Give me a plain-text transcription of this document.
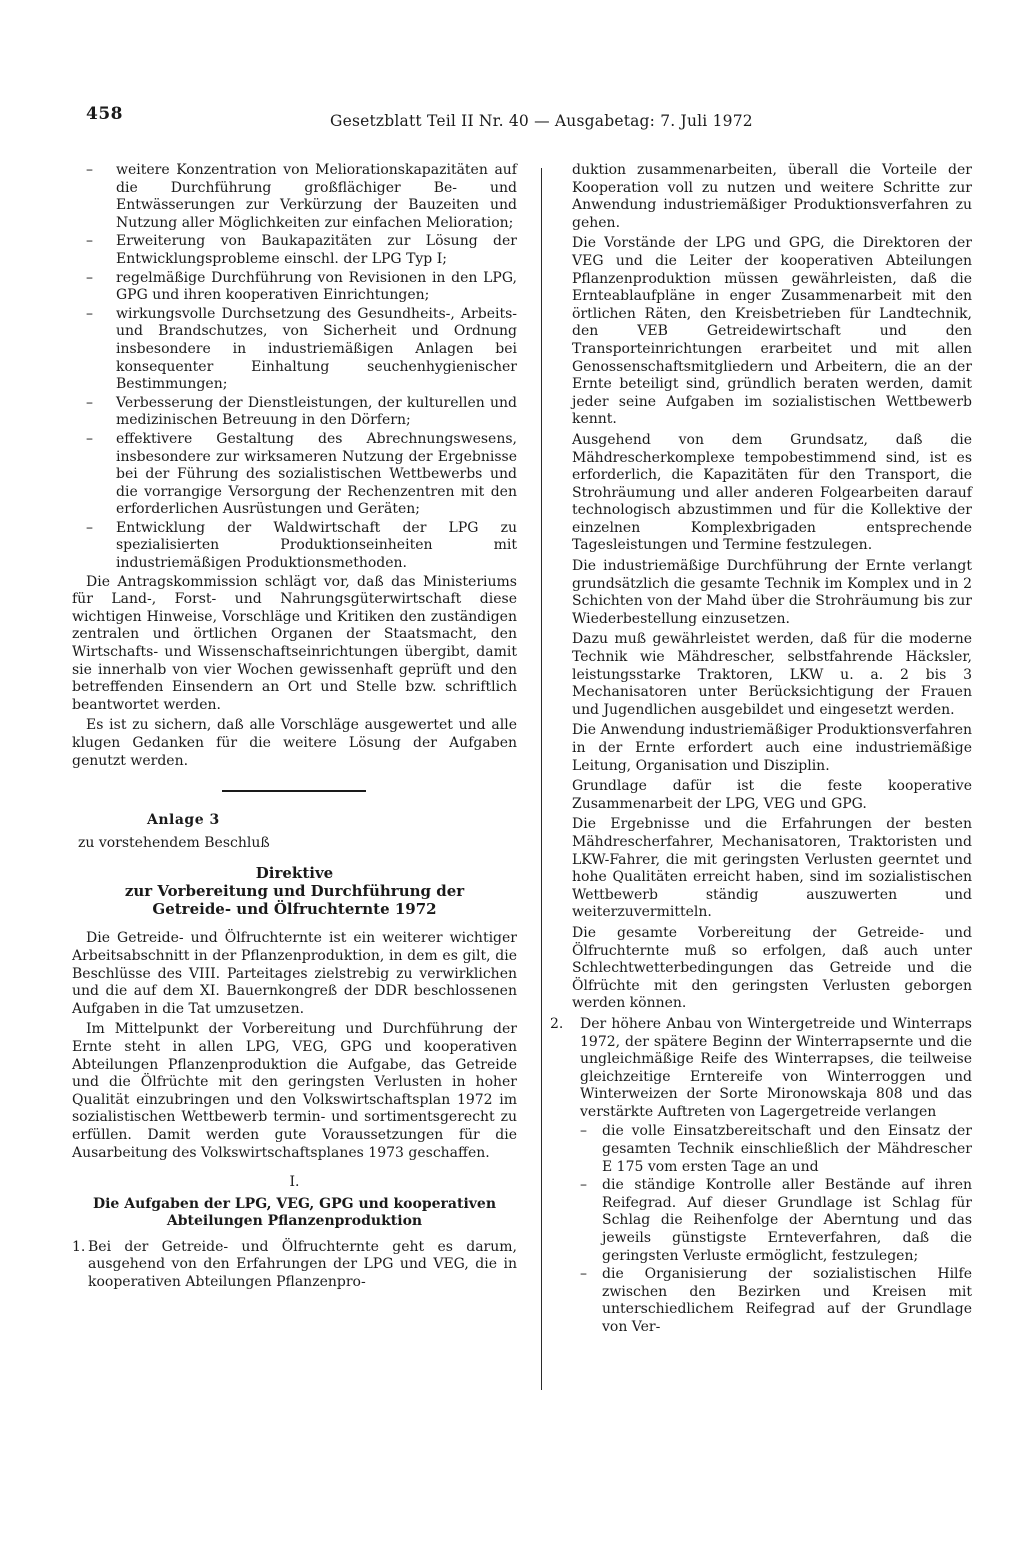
458	Gesetzblatt Teil II Nr. 40 — Ausgabetag: 7. Juli 1972
– weitere Konzentration von Meliorationskapazitäten auf die Durchführung großflächiger Be- und Entwässerungen zur Verkürzung der Bauzeiten und Nutzung aller Möglichkeiten zur einfachen Melioration;
– Erweiterung von Baukapazitäten zur Lösung der Entwicklungsprobleme einschl. der LPG Typ I;
– regelmäßige Durchführung von Revisionen in den LPG, GPG und ihren kooperativen Einrichtungen;
– wirkungsvolle Durchsetzung des Gesundheits-, Arbeits- und Brandschutzes, von Sicherheit und Ordnung insbesondere in industriemäßigen Anlagen bei konsequenter Einhaltung seuchenhygienischer Bestimmungen;
– Verbesserung der Dienstleistungen, der kulturellen und medizinischen Betreuung in den Dörfern;
– effektivere Gestaltung des Abrechnungswesens, insbesondere zur wirksameren Nutzung der Ergebnisse bei der Führung des sozialistischen Wettbewerbs und die vorrangige Versorgung der Rechenzentren mit den erforderlichen Ausrüstungen und Geräten;
– Entwicklung der Waldwirtschaft der LPG zu spezialisierten Produktionseinheiten mit industriemäßigen Produktionsmethoden.

Die Antragskommission schlägt vor, daß das Ministeriums für Land-, Forst- und Nahrungsgüterwirtschaft diese wichtigen Hinweise, Vorschläge und Kritiken den zuständigen zentralen und örtlichen Organen der Staatsmacht, den Wirtschafts- und Wissenschaftseinrichtungen übergibt, damit sie innerhalb von vier Wochen gewissenhaft geprüft und den betreffenden Einsendern an Ort und Stelle bzw. schriftlich beantwortet werden.

Es ist zu sichern, daß alle Vorschläge ausgewertet und alle klugen Gedanken für die weitere Lösung der Aufgaben genutzt werden.

Anlage 3
zu vorstehendem Beschluß
Direktive
zur Vorbereitung und Durchführung der
Getreide- und Ölfruchternte 1972

Die Getreide- und Ölfruchternte ist ein weiterer wichtiger Arbeitsabschnitt in der Pflanzenproduktion, in dem es gilt, die Beschlüsse des VIII. Parteitages zielstrebig zu verwirklichen und die auf dem XI. Bauernkongreß der DDR beschlossenen Aufgaben in die Tat umzusetzen.

Im Mittelpunkt der Vorbereitung und Durchführung der Ernte steht in allen LPG, VEG, GPG und kooperativen Abteilungen Pflanzenproduktion die Aufgabe, das Getreide und die Ölfrüchte mit den geringsten Verlusten in hoher Qualität einzubringen und den Volkswirtschaftsplan 1972 im sozialistischen Wettbewerb termin- und sortimentsgerecht zu erfüllen. Damit werden gute Voraussetzungen für die Ausarbeitung des Volkswirtschaftsplanes 1973 geschaffen.

I.
Die Aufgaben der LPG, VEG, GPG und kooperativen
Abteilungen Pflanzenproduktion
1. Bei der Getreide- und Ölfruchternte geht es darum, ausgehend von den Erfahrungen der LPG und VEG, die in kooperativen Abteilungen Pflanzenpro-

duktion zusammenarbeiten, überall die Vorteile der Kooperation voll zu nutzen und weitere Schritte zur Anwendung industriemäßiger Produktionsverfahren zu gehen.

Die Vorstände der LPG und GPG, die Direktoren der VEG und die Leiter der kooperativen Abteilungen Pflanzenproduktion müssen gewährleisten, daß die Ernteablaufpläne in enger Zusammenarbeit mit den örtlichen Räten, den Kreisbetrieben für Landtechnik, den VEB Getreidewirtschaft und den Transporteinrichtungen erarbeitet und mit allen Genossenschaftsmitgliedern und Arbeitern, die an der Ernte beteiligt sind, gründlich beraten werden, damit jeder seine Aufgaben im sozialistischen Wettbewerb kennt.

Ausgehend von dem Grundsatz, daß die Mähdrescherkomplexe tempobestimmend sind, ist es erforderlich, die Kapazitäten für den Transport, die Strohräumung und aller anderen Folgearbeiten darauf technologisch abzustimmen und für die Kollektive der einzelnen Komplexbrigaden entsprechende Tagesleistungen und Termine festzulegen.

Die industriemäßige Durchführung der Ernte verlangt grundsätzlich die gesamte Technik im Komplex und in 2 Schichten von der Mahd über die Strohräumung bis zur Wiederbestellung einzusetzen.

Dazu muß gewährleistet werden, daß für die moderne Technik wie Mähdrescher, selbstfahrende Häcksler, leistungsstarke Traktoren, LKW u. a. 2 bis 3 Mechanisatoren unter Berücksichtigung der Frauen und Jugendlichen ausgebildet und eingesetzt werden.

Die Anwendung industriemäßiger Produktionsverfahren in der Ernte erfordert auch eine industriemäßige Leitung, Organisation und Disziplin.

Grundlage dafür ist die feste kooperative Zusammenarbeit der LPG, VEG und GPG.

Die Ergebnisse und die Erfahrungen der besten Mähdrescherfahrer, Mechanisatoren, Traktoristen und LKW-Fahrer, die mit geringsten Verlusten geerntet und hohe Qualitäten erreicht haben, sind im sozialistischen Wettbewerb ständig auszuwerten und weiterzuvermitteln.

Die gesamte Vorbereitung der Getreide- und Ölfruchternte muß so erfolgen, daß auch unter Schlechtwetterbedingungen das Getreide und die Ölfrüchte mit den geringsten Verlusten geborgen werden können.

2. Der höhere Anbau von Wintergetreide und Winterraps 1972, der spätere Beginn der Winterrapsernte und die ungleichmäßige Reife des Winterrapses, die teilweise gleichzeitige Erntereife von Winterroggen und Winterweizen der Sorte Mironowskaja 808 und das verstärkte Auftreten von Lagergetreide verlangen
– die volle Einsatzbereitschaft und den Einsatz der gesamten Technik einschließlich der Mähdrescher E 175 vom ersten Tage an und
– die ständige Kontrolle aller Bestände auf ihren Reifegrad. Auf dieser Grundlage ist Schlag für Schlag die Reihenfolge der Aberntung und das jeweils günstigste Ernteverfahren, daß die geringsten Verluste ermöglicht, festzulegen;
– die Organisierung der sozialistischen Hilfe zwischen den Bezirken und Kreisen mit unterschiedlichem Reifegrad auf der Grundlage von Ver-
